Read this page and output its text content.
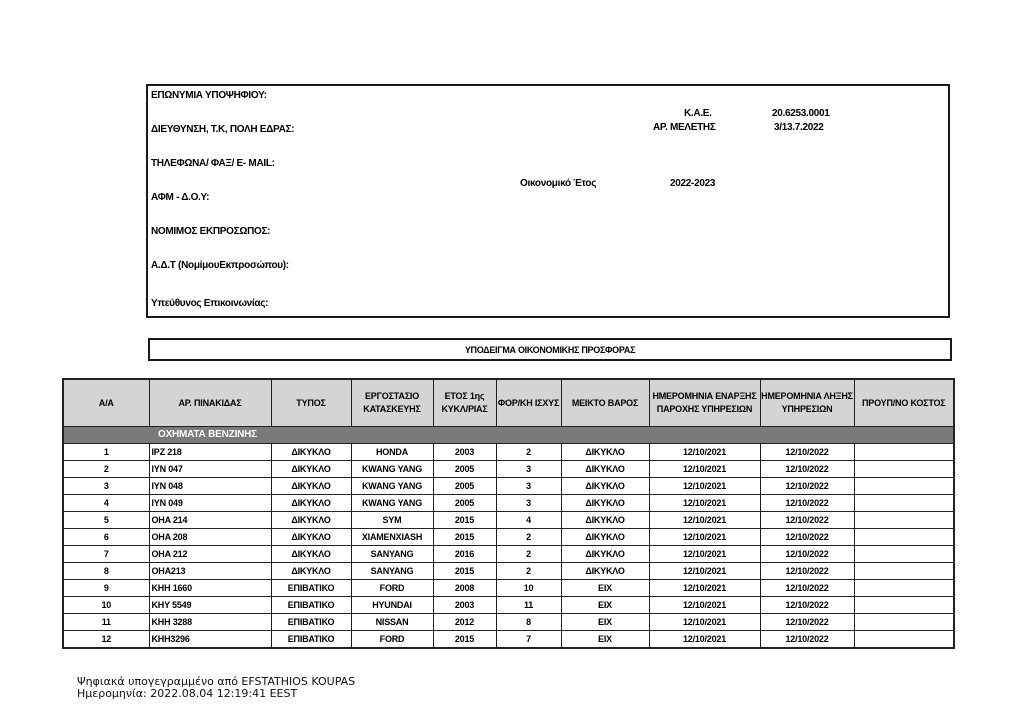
ΕΠΩΝΥΜΙΑ ΥΠΟΨΗΦΙΟΥ:
ΔΙΕΥΘΥΝΣΗ, Τ.Κ, ΠΟΛΗ ΕΔΡΑΣ:
ΤΗΛΕΦΩΝΑ/ ΦΑΞ/ Ε- MAIL:
ΑΦΜ - Δ.Ο.Υ:
ΝΟΜΙΜΟΣ ΕΚΠΡΟΣΩΠΟΣ:
Α.Δ.Τ (ΝομίμουΕκπροσώπου):
Υπεύθυνος Επικοινωνίας:
Κ.Α.Ε.	20.6253.0001
ΑΡ. ΜΕΛΕΤΗΣ	3/13.7.2022
Οικονομικό Έτος	2022-2023
ΥΠΟΔΕΙΓΜΑ ΟΙΚΟΝΟΜΙΚΗΣ ΠΡΟΣΦΟΡΑΣ
Α/Α	ΑΡ. ΠΙΝΑΚΙΔΑΣ	ΤΥΠΟΣ	ΕΡΓΟΣΤΑΣΙΟ ΚΑΤΑΣΚΕΥΗΣ	ΕΤΟΣ 1ης ΚΥΚΛ/ΡΙΑΣ	ΦΟΡ/ΚΗ ΙΣΧΥΣ	ΜΕΙΚΤΟ ΒΑΡΟΣ	ΗΜΕΡΟΜΗΝΙΑ ΕΝΑΡΞΗΣ ΠΑΡΟΧΗΣ ΥΠΗΡΕΣΙΩΝ	ΗΜΕΡΟΜΗΝΙΑ ΛΗΞΗΣ ΥΠΗΡΕΣΙΩΝ	ΠΡΟΥΠ/ΝΟ ΚΟΣΤΟΣ
ΟΧΗΜΑΤΑ ΒΕΝΖΙΝΗΣ									
1	IPZ 218	ΔΙΚΥΚΛΟ	HONDA	2003	2	ΔΙΚΥΚΛΟ	12/10/2021	12/10/2022	
2	IYN 047	ΔΙΚΥΚΛΟ	KWANG YANG	2005	3	ΔΙΚΥΚΛΟ	12/10/2021	12/10/2022	
3	IYN 048	ΔΙΚΥΚΛΟ	KWANG YANG	2005	3	ΔΙΚΥΚΛΟ	12/10/2021	12/10/2022	
4	IYN 049	ΔΙΚΥΚΛΟ	KWANG YANG	2005	3	ΔΙΚΥΚΛΟ	12/10/2021	12/10/2022	
5	OHA 214	ΔΙΚΥΚΛΟ	SYM	2015	4	ΔΙΚΥΚΛΟ	12/10/2021	12/10/2022	
6	OHA 208	ΔΙΚΥΚΛΟ	XIAMENXIASH	2015	2	ΔΙΚΥΚΛΟ	12/10/2021	12/10/2022	
7	OHA 212	ΔΙΚΥΚΛΟ	SANYANG	2016	2	ΔΙΚΥΚΛΟ	12/10/2021	12/10/2022	
8	OHA213	ΔΙΚΥΚΛΟ	SANYANG	2015	2	ΔΙΚΥΚΛΟ	12/10/2021	12/10/2022	
9	KHH 1660	ΕΠΙΒΑΤΙΚΟ	FORD	2008	10	ΕΙΧ	12/10/2021	12/10/2022	
10	KHY 5549	ΕΠΙΒΑΤΙΚΟ	HYUNDAI	2003	11	ΕΙΧ	12/10/2021	12/10/2022	
11	KHH 3288	ΕΠΙΒΑΤΙΚΟ	NISSAN	2012	8	ΕΙΧ	12/10/2021	12/10/2022	
12	KHH3296	ΕΠΙΒΑΤΙΚΟ	FORD	2015	7	ΕΙΧ	12/10/2021	12/10/2022	
Ψηφιακά υπογεγραμμένο από EFSTATHIOS KOUPAS
Ημερομηνία: 2022.08.04 12:19:41 EEST
